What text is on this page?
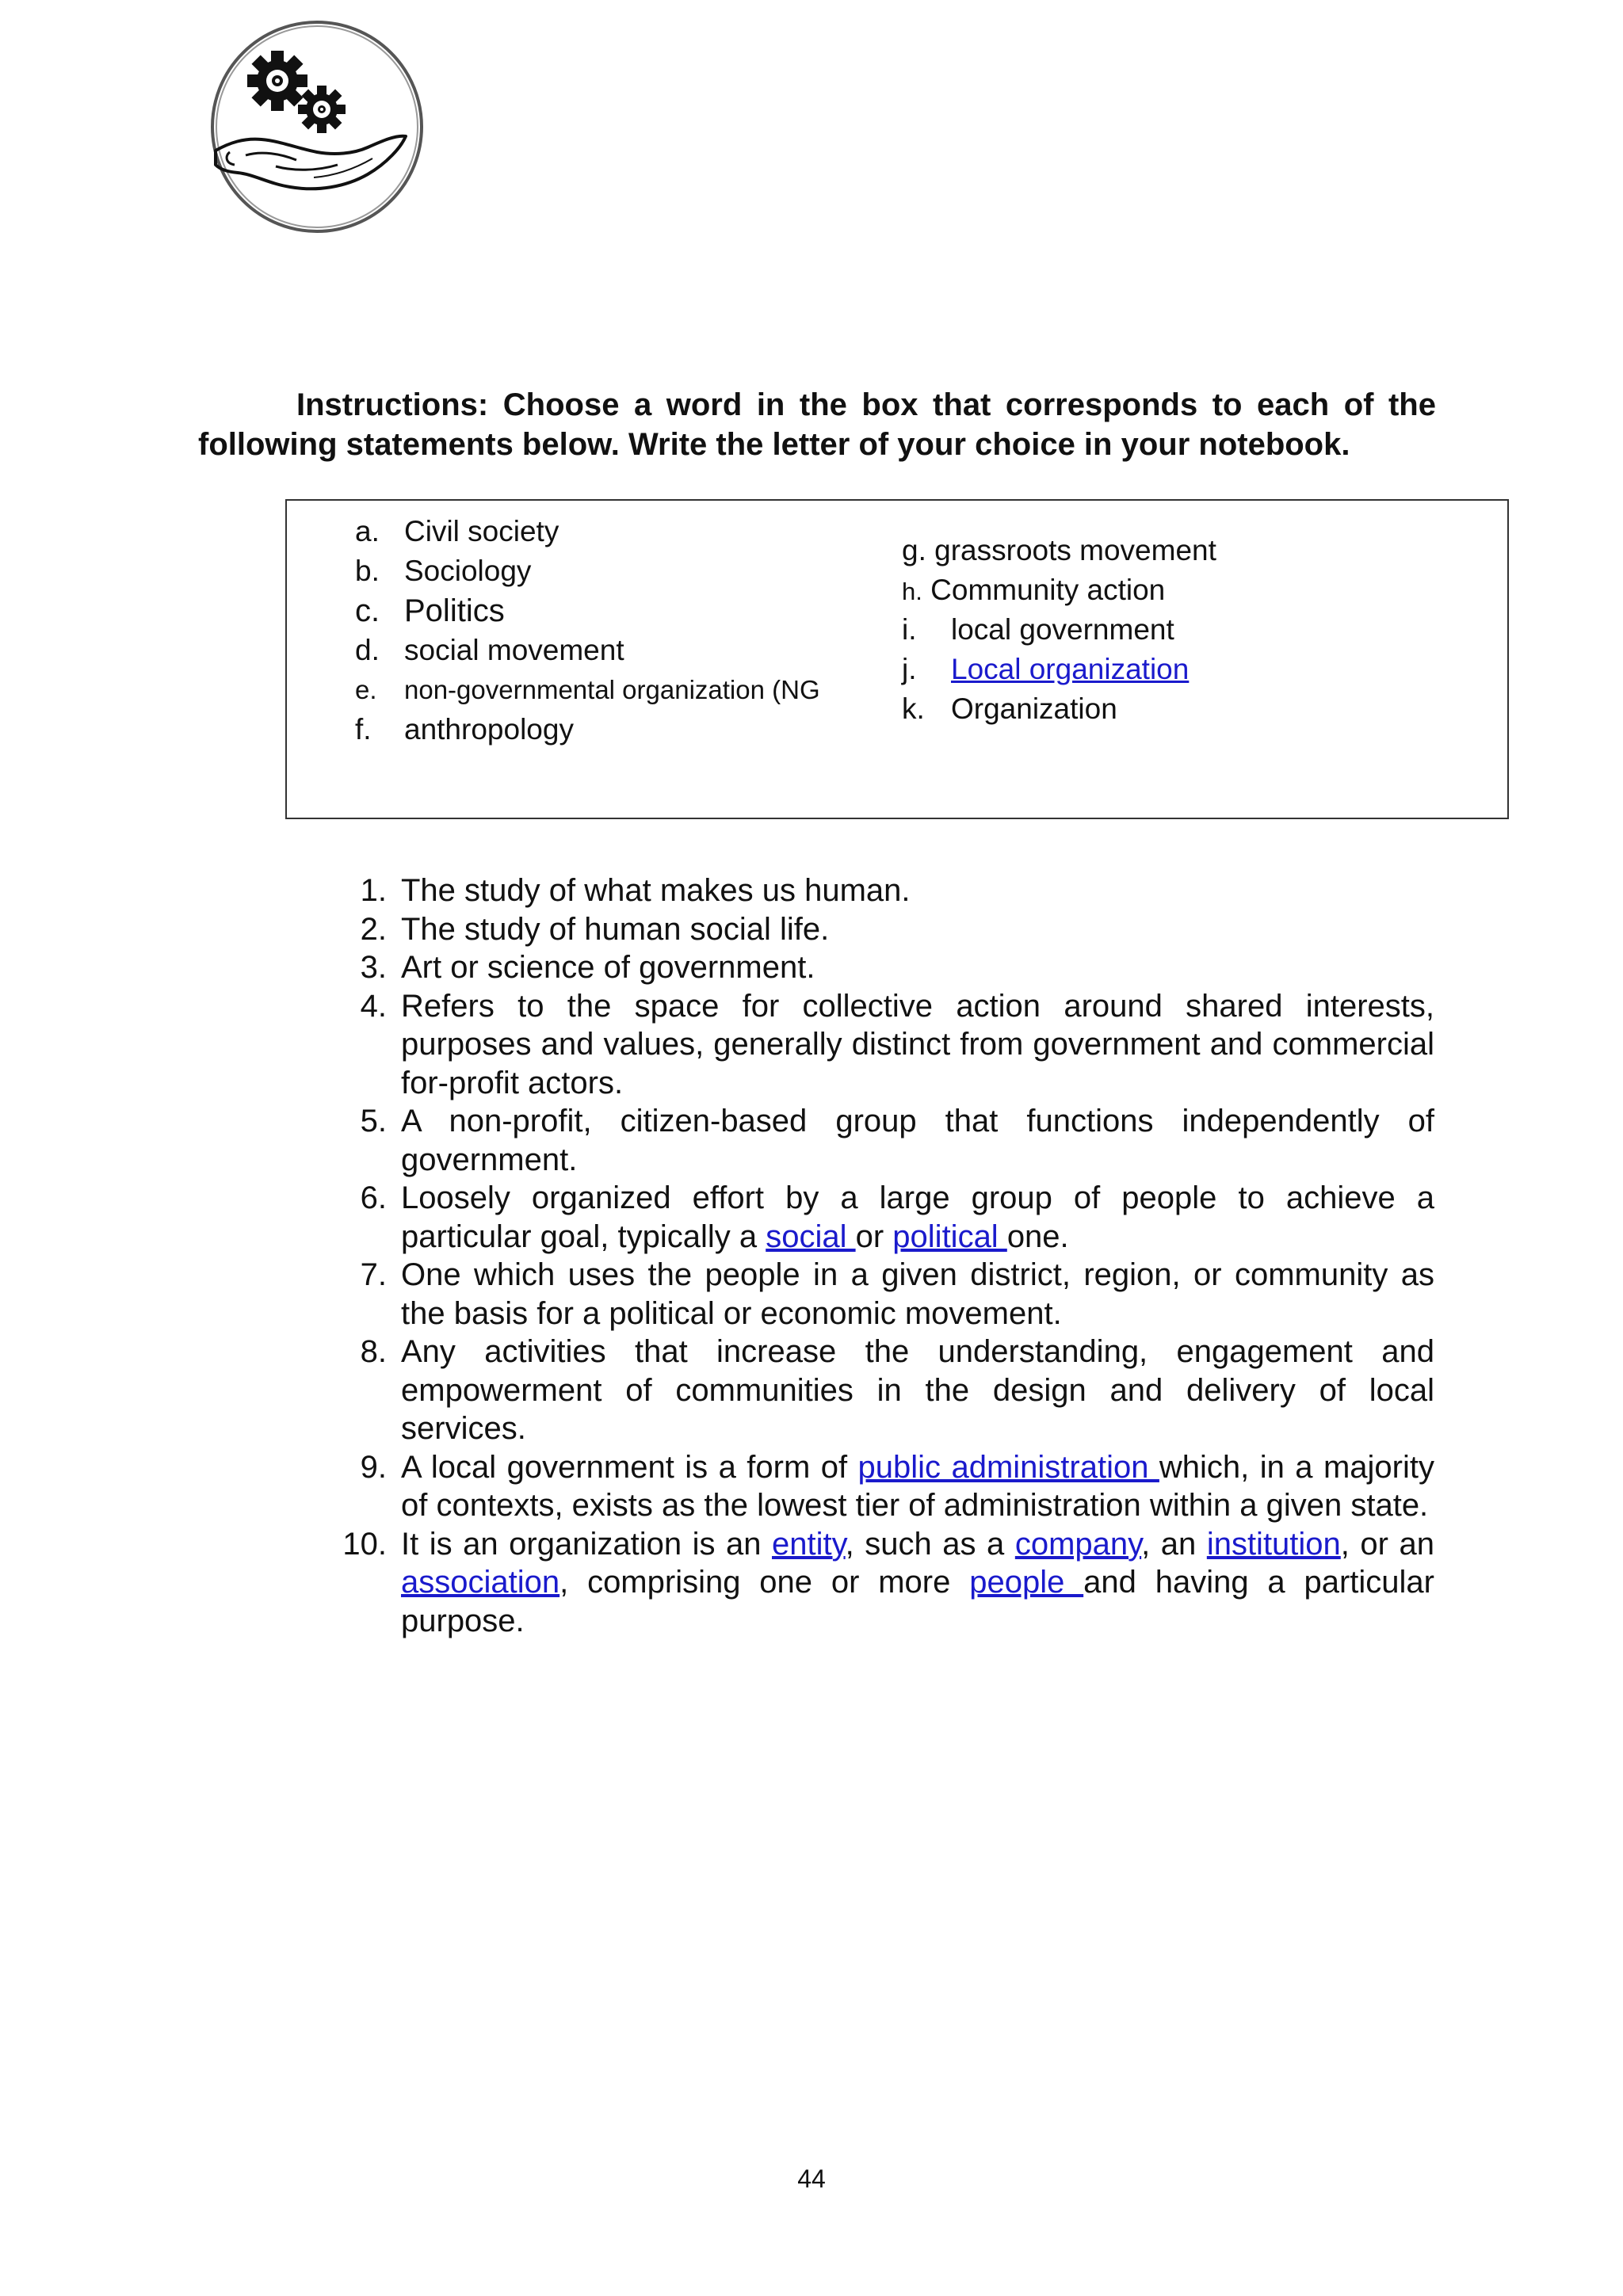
Instructions: Choose a word in the box that corresponds to each of the
following statements below. Write the letter of your choice in your notebook.
a. Civil society
b. Sociology
c. Politics
d. social movement
e. non-governmental organization (NG
f. anthropology
g. grassroots movement
h. Community action
i. local government
j. Local organization
k. Organization
1. The study of what makes us human.
2. The study of human social life.
3. Art or science of government.
4. Refers to the space for collective action around shared interests, purposes and values, generally distinct from government and commercial for-profit actors.
5. A non-profit, citizen-based group that functions independently of government.
6. Loosely organized effort by a large group of people to achieve a particular goal, typically a social or political one.
7. One which uses the people in a given district, region, or community as the basis for a political or economic movement.
8. Any activities that increase the understanding, engagement and empowerment of communities in the design and delivery of local services.
9. A local government is a form of public administration which, in a majority of contexts, exists as the lowest tier of administration within a given state.
10. It is an organization is an entity, such as a company, an institution, or an association, comprising one or more people and having a particular purpose.
44
